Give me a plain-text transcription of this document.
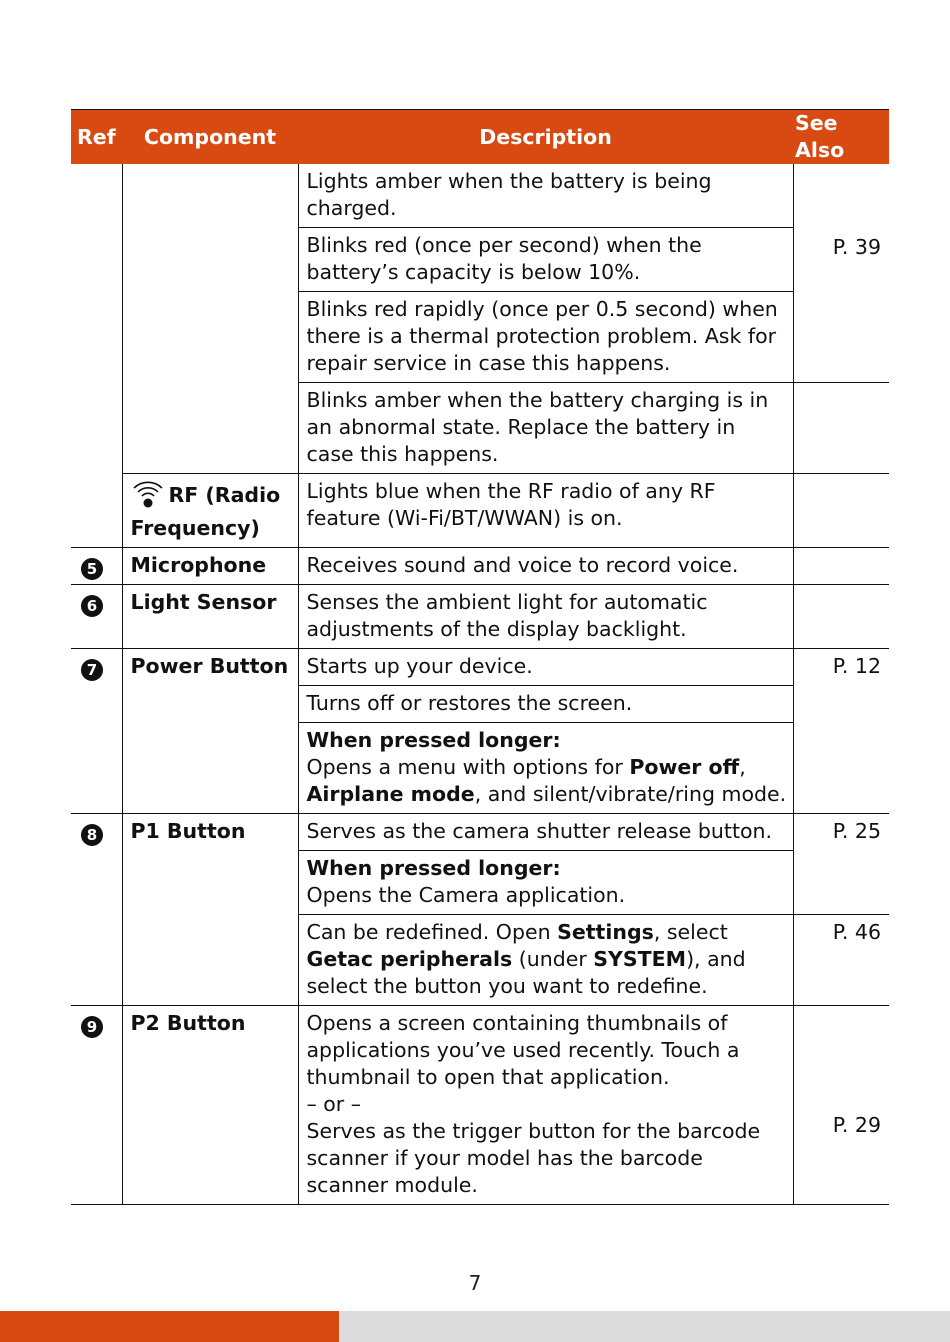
Ref	Component	Description	See Also
		Lights amber when the battery is being charged.	P. 39
		Blinks red (once per second) when the battery’s capacity is below 10%.	
		Blinks red rapidly (once per 0.5 second) when there is a thermal protection problem. Ask for repair service in case this happens.	
		Blinks amber when the battery charging is in an abnormal state. Replace the battery in case this happens.	
	RF (Radio Frequency)	Lights blue when the RF radio of any RF feature (Wi-Fi/BT/WWAN) is on.	
5	Microphone	Receives sound and voice to record voice.	
6	Light Sensor	Senses the ambient light for automatic adjustments of the display backlight.	
7	Power Button	Starts up your device.	P. 12
		Turns off or restores the screen.	
		When pressed longer:
Opens a menu with options for Power off,
Airplane mode, and silent/vibrate/ring mode.	
8	P1 Button	Serves as the camera shutter release button.	P. 25
		When pressed longer:
Opens the Camera application.	
		Can be redefined. Open Settings, select Getac peripherals (under SYSTEM), and select the button you want to redefine.	P. 46
9	P2 Button	Opens a screen containing thumbnails of applications you’ve used recently. Touch a thumbnail to open that application.
– or –
Serves as the trigger button for the barcode scanner if your model has the barcode scanner module.	P. 29
7
